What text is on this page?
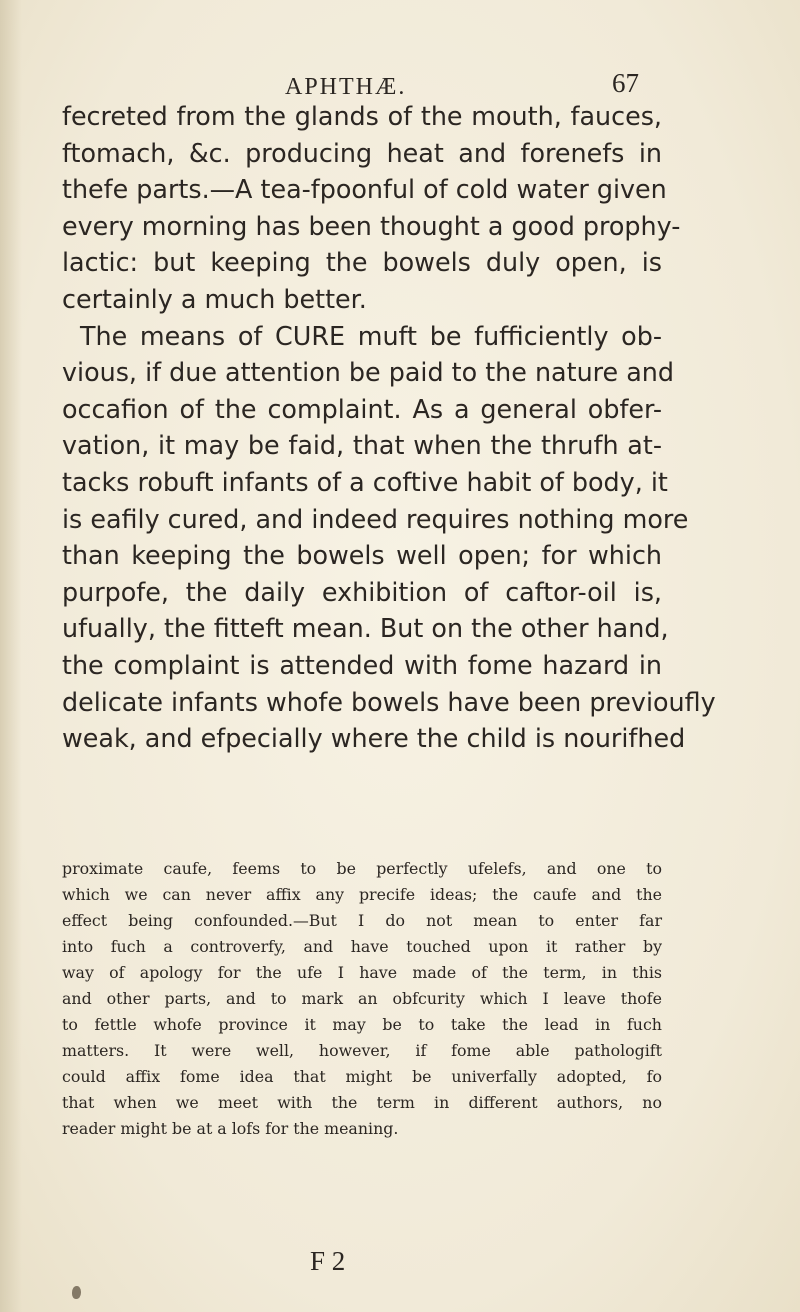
APHTHÆ.	67
fecreted from the glands of the mouth, fauces,
ftomach, &c. producing heat and forenefs in
thefe parts.—A tea-fpoonful of cold water given
every morning has been thought a good prophy-
lactic: but keeping the bowels duly open, is
certainly a much better.
The means of CURE muft be fufficiently ob-
vious, if due attention be paid to the nature and
occafion of the complaint. As a general obfer-
vation, it may be faid, that when the thrufh at-
tacks robuft infants of a coftive habit of body, it
is eafily cured, and indeed requires nothing more
than keeping the bowels well open; for which
purpofe, the daily exhibition of caftor-oil is,
ufually, the fitteft mean. But on the other hand,
the complaint is attended with fome hazard in
delicate infants whofe bowels have been previoufly
weak, and efpecially where the child is nourifhed
proximate caufe, feems to be perfectly ufelefs, and one to
which we can never affix any precife ideas; the caufe and the
effect being confounded.—But I do not mean to enter far
into fuch a controverfy, and have touched upon it rather by
way of apology for the ufe I have made of the term, in this
and other parts, and to mark an obfcurity which I leave thofe
to fettle whofe province it may be to take the lead in fuch
matters. It were well, however, if fome able pathologift
could affix fome idea that might be univerfally adopted, fo
that when we meet with the term in different authors, no
reader might be at a lofs for the meaning.
F 2
